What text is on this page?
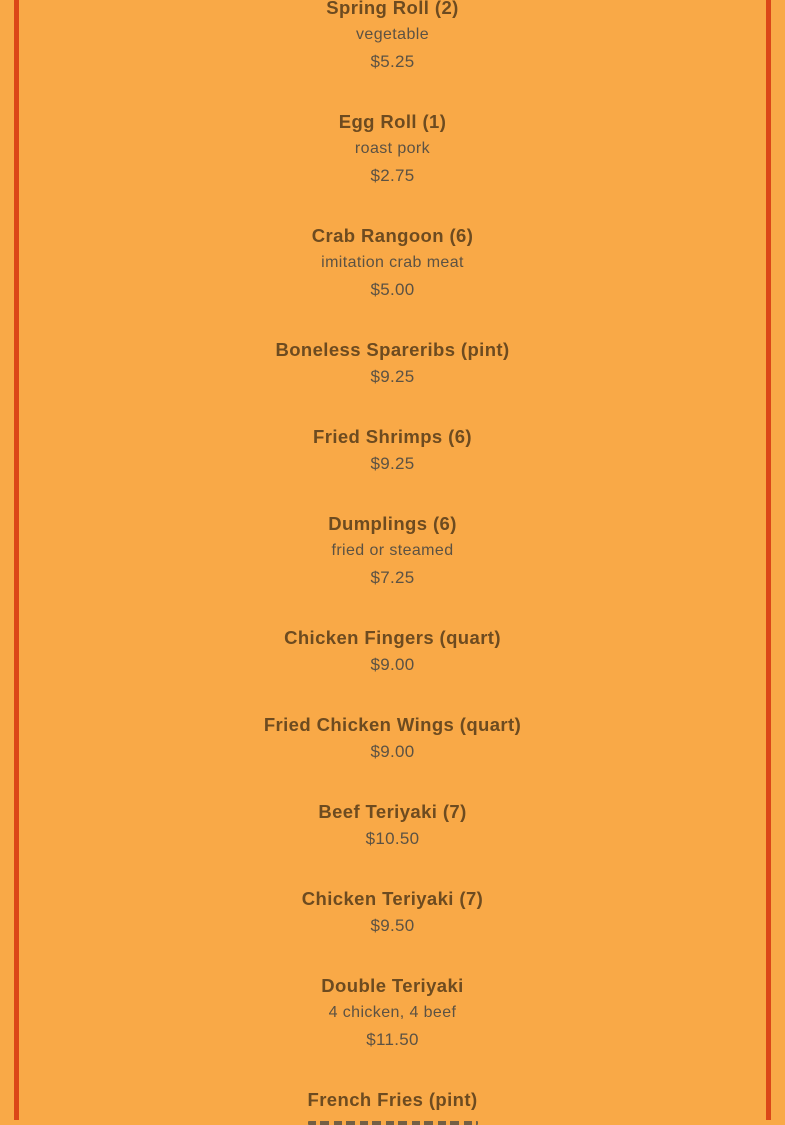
Spring Roll (2)
vegetable
$5.25
Egg Roll (1)
roast pork
$2.75
Crab Rangoon (6)
imitation crab meat
$5.00
Boneless Spareribs (pint)
$9.25
Fried Shrimps (6)
$9.25
Dumplings (6)
fried or steamed
$7.25
Chicken Fingers (quart)
$9.00
Fried Chicken Wings (quart)
$9.00
Beef Teriyaki (7)
$10.50
Chicken Teriyaki (7)
$9.50
Double Teriyaki
4 chicken, 4 beef
$11.50
French Fries (pint)
